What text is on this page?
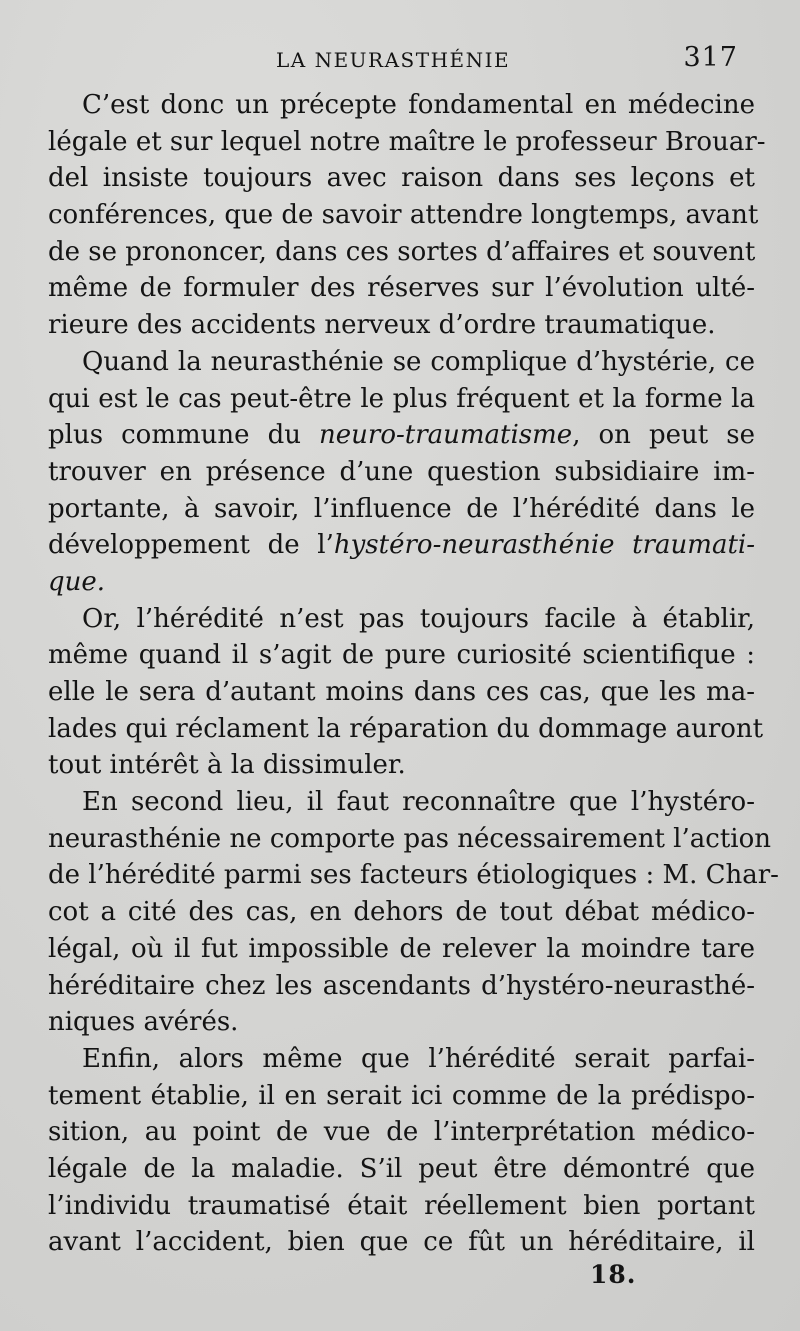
LA NEURASTHÉNIE	317
C’est donc un précepte fondamental en médecine
légale et sur lequel notre maître le professeur Brouar-
del insiste toujours avec raison dans ses leçons et
conférences, que de savoir attendre longtemps, avant
de se prononcer, dans ces sortes d’affaires et souvent
même de formuler des réserves sur l’évolution ulté-
rieure des accidents nerveux d’ordre traumatique.
Quand la neurasthénie se complique d’hystérie, ce
qui est le cas peut-être le plus fréquent et la forme la
plus commune du neuro-traumatisme, on peut se
trouver en présence d’une question subsidiaire im-
portante, à savoir, l’influence de l’hérédité dans le
développement de l’hystéro-neurasthénie traumati-
que.
Or, l’hérédité n’est pas toujours facile à établir,
même quand il s’agit de pure curiosité scientifique :
elle le sera d’autant moins dans ces cas, que les ma-
lades qui réclament la réparation du dommage auront
tout intérêt à la dissimuler.
En second lieu, il faut reconnaître que l’hystéro-
neurasthénie ne comporte pas nécessairement l’action
de l’hérédité parmi ses facteurs étiologiques : M. Char-
cot a cité des cas, en dehors de tout débat médico-
légal, où il fut impossible de relever la moindre tare
héréditaire chez les ascendants d’hystéro-neurasthé-
niques avérés.
Enfin, alors même que l’hérédité serait parfai-
tement établie, il en serait ici comme de la prédispo-
sition, au point de vue de l’interprétation médico-
légale de la maladie. S’il peut être démontré que
l’individu traumatisé était réellement bien portant
avant l’accident, bien que ce fût un héréditaire, il
18.
